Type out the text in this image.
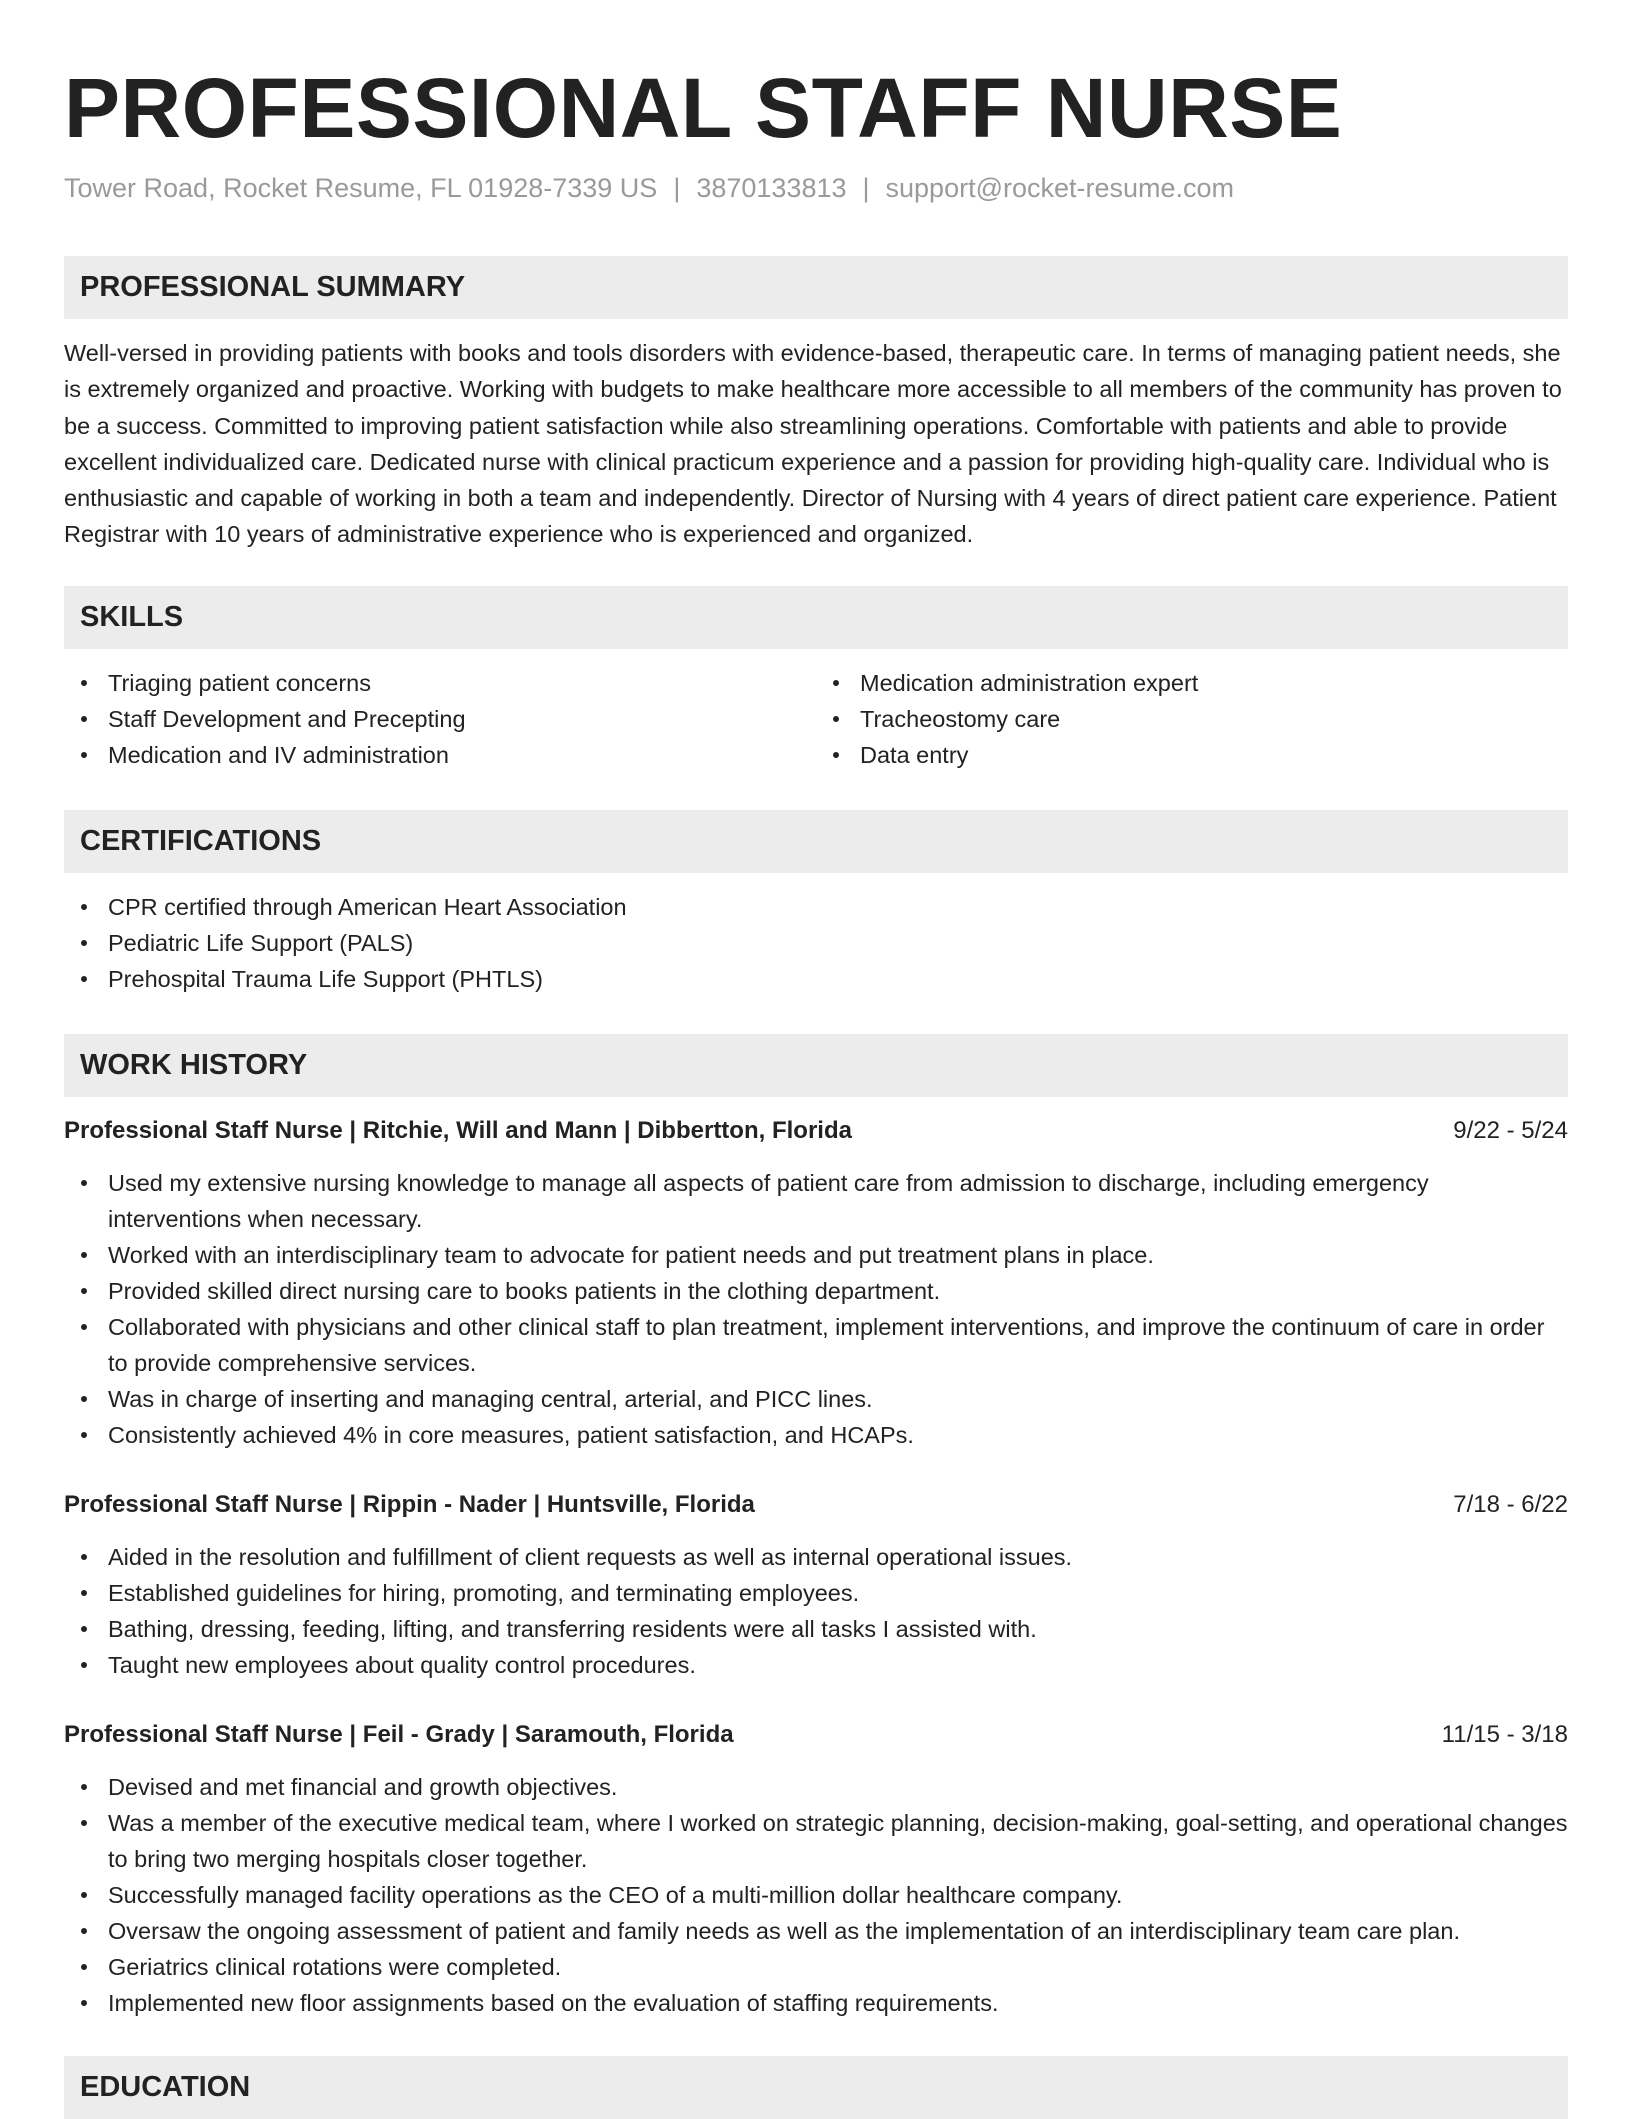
PROFESSIONAL STAFF NURSE
Tower Road, Rocket Resume, FL 01928-7339 US | 3870133813 | support@rocket-resume.com
PROFESSIONAL SUMMARY

Well-versed in providing patients with books and tools disorders with evidence-based, therapeutic care. In terms of managing patient needs, she is extremely organized and proactive. Working with budgets to make healthcare more accessible to all members of the community has proven to be a success. Committed to improving patient satisfaction while also streamlining operations. Comfortable with patients and able to provide excellent individualized care. Dedicated nurse with clinical practicum experience and a passion for providing high-quality care. Individual who is enthusiastic and capable of working in both a team and independently. Director of Nursing with 4 years of direct patient care experience. Patient Registrar with 10 years of administrative experience who is experienced and organized.

SKILLS
Triaging patient concerns
Staff Development and Precepting
Medication and IV administration
Medication administration expert
Tracheostomy care
Data entry
CERTIFICATIONS
CPR certified through American Heart Association
Pediatric Life Support (PALS)
Prehospital Trauma Life Support (PHTLS)
WORK HISTORY
Professional Staff Nurse | Ritchie, Will and Mann | Dibbertton, Florida	9/22 - 5/24
Used my extensive nursing knowledge to manage all aspects of patient care from admission to discharge, including emergency interventions when necessary.
Worked with an interdisciplinary team to advocate for patient needs and put treatment plans in place.
Provided skilled direct nursing care to books patients in the clothing department.
Collaborated with physicians and other clinical staff to plan treatment, implement interventions, and improve the continuum of care in order to provide comprehensive services.
Was in charge of inserting and managing central, arterial, and PICC lines.
Consistently achieved 4% in core measures, patient satisfaction, and HCAPs.
Professional Staff Nurse | Rippin - Nader | Huntsville, Florida	7/18 - 6/22
Aided in the resolution and fulfillment of client requests as well as internal operational issues.
Established guidelines for hiring, promoting, and terminating employees.
Bathing, dressing, feeding, lifting, and transferring residents were all tasks I assisted with.
Taught new employees about quality control procedures.
Professional Staff Nurse | Feil - Grady | Saramouth, Florida	11/15 - 3/18
Devised and met financial and growth objectives.
Was a member of the executive medical team, where I worked on strategic planning, decision-making, goal-setting, and operational changes to bring two merging hospitals closer together.
Successfully managed facility operations as the CEO of a multi-million dollar healthcare company.
Oversaw the ongoing assessment of patient and family needs as well as the implementation of an interdisciplinary team care plan.
Geriatrics clinical rotations were completed.
Implemented new floor assignments based on the evaluation of staffing requirements.
EDUCATION
